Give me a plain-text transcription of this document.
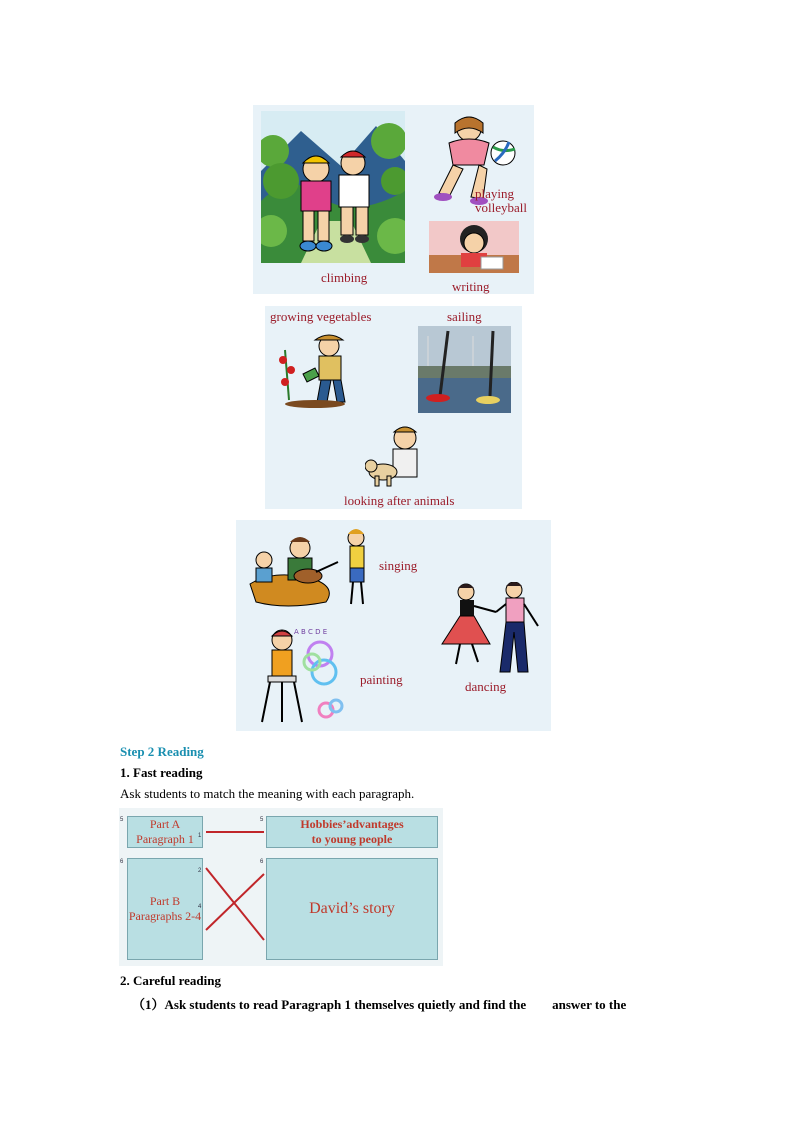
climbing
playing
volleyball
writing
growing vegetables	sailing
looking after animals
singing
dancing
A B C D E
painting
Step 2 Reading
1. Fast reading
Ask students to match the meaning with each paragraph.
Part A
Paragraph 1
Part B
Paragraphs 2-4
Hobbies’advantages
to young people
David’s story
5
1
5
6
2
4
6
2. Careful reading
（1）Ask students to read Paragraph 1 themselves quietly and find the　　answer to the
